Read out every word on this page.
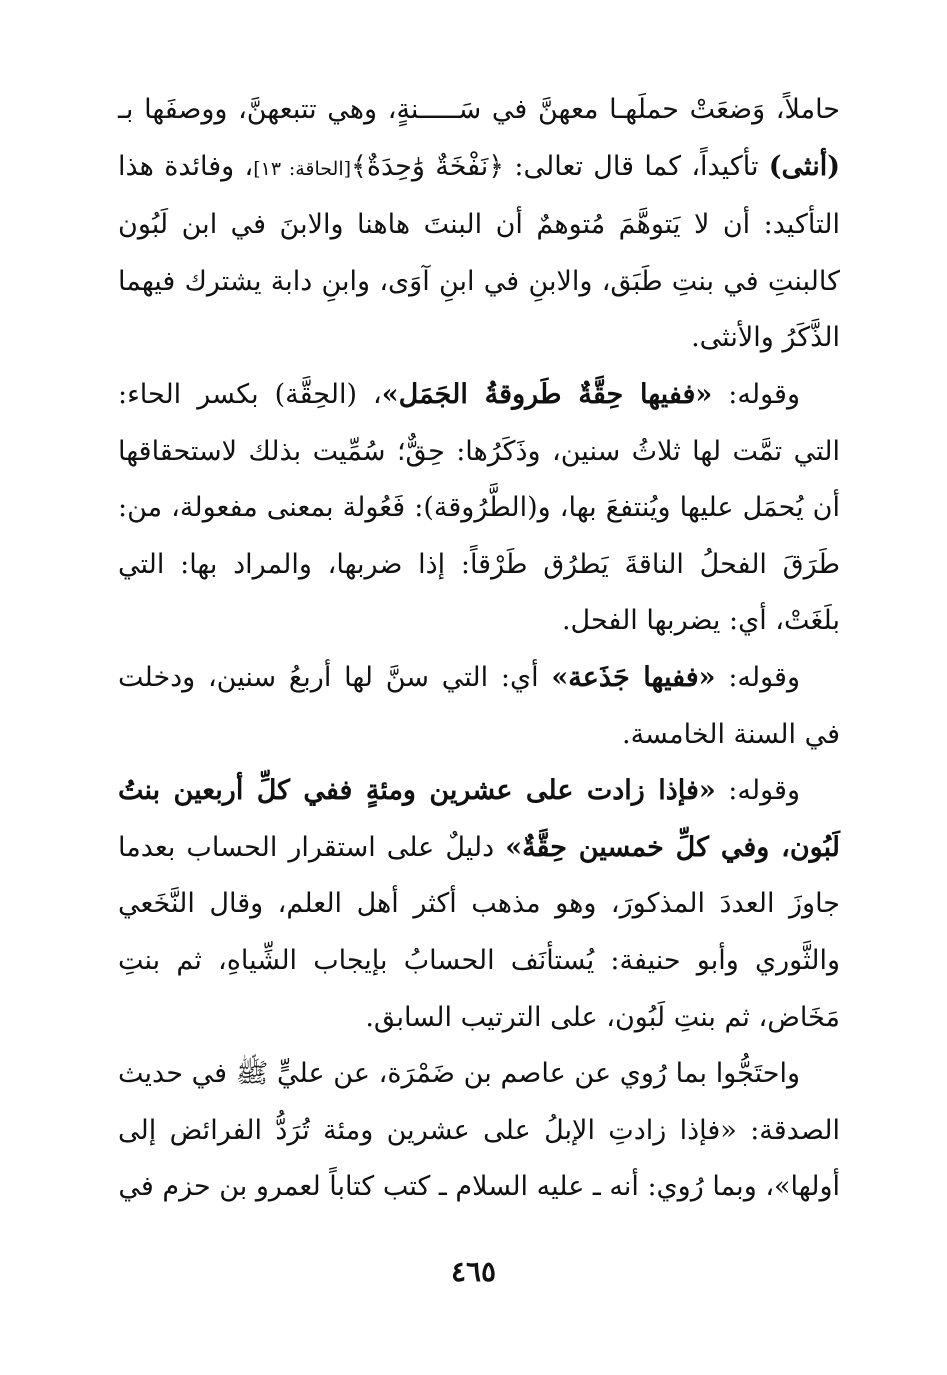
حاملاً، وَضعَتْ حملَهـا معهنَّ في سَـــــنةٍ، وهي تتبعهنَّ، ووصفَها بـ (أنثى) تأكيداً، كما قال تعالى: ﴿نَفْخَةٌ وَٰحِدَةٌ﴾[الحاقة: ١٣]، وفائدة هذا التأكيد: أن لا يَتوهَّمَ مُتوهمٌ أن البنتَ هاهنا والابنَ في ابن لَبُون كالبنتِ في بنتِ طَبَق، والابنِ في ابنِ آوَى، وابنِ دابة يشترك فيهما الذَّكَرُ والأنثى.

وقوله: «ففيها حِقَّةٌ طَروقةُ الجَمَل»، (الحِقَّة) بكسر الحاء: التي تمَّت لها ثلاثُ سنين، وذَكَرُها: حِقٌّ؛ سُمِّيت بذلك لاستحقاقها أن يُحمَل عليها ويُنتفعَ بها، و(الطَّرُوقة): فَعُولة بمعنى مفعولة، من: طَرَقَ الفحلُ الناقةَ يَطرُق طَرْقاً: إذا ضربها، والمراد بها: التي بلَغَتْ، أي: يضربها الفحل.

وقوله: «ففيها جَذَعة» أي: التي سنَّ لها أربعُ سنين، ودخلت في السنة الخامسة.

وقوله: «فإذا زادت على عشرين ومئةٍ ففي كلِّ أربعين بنتُ لَبُون، وفي كلِّ خمسين حِقَّةٌ» دليلٌ على استقرار الحساب بعدما جاوزَ العددَ المذكورَ، وهو مذهب أكثر أهل العلم، وقال النَّخَعي والثَّوري وأبو حنيفة: يُستأنَف الحسابُ بإيجاب الشِّياهِ، ثم بنتِ مَخَاض، ثم بنتِ لَبُون، على الترتيب السابق.

واحتَجُّوا بما رُوي عن عاصم بن ضَمْرَة، عن عليٍّ ﷺ في حديث الصدقة: «فإذا زادتِ الإبلُ على عشرين ومئة تُرَدُّ الفرائض إلى أولها»، وبما رُوي: أنه ـ عليه السلام ـ كتب كتاباً لعمرو بن حزم في

٤٦٥
